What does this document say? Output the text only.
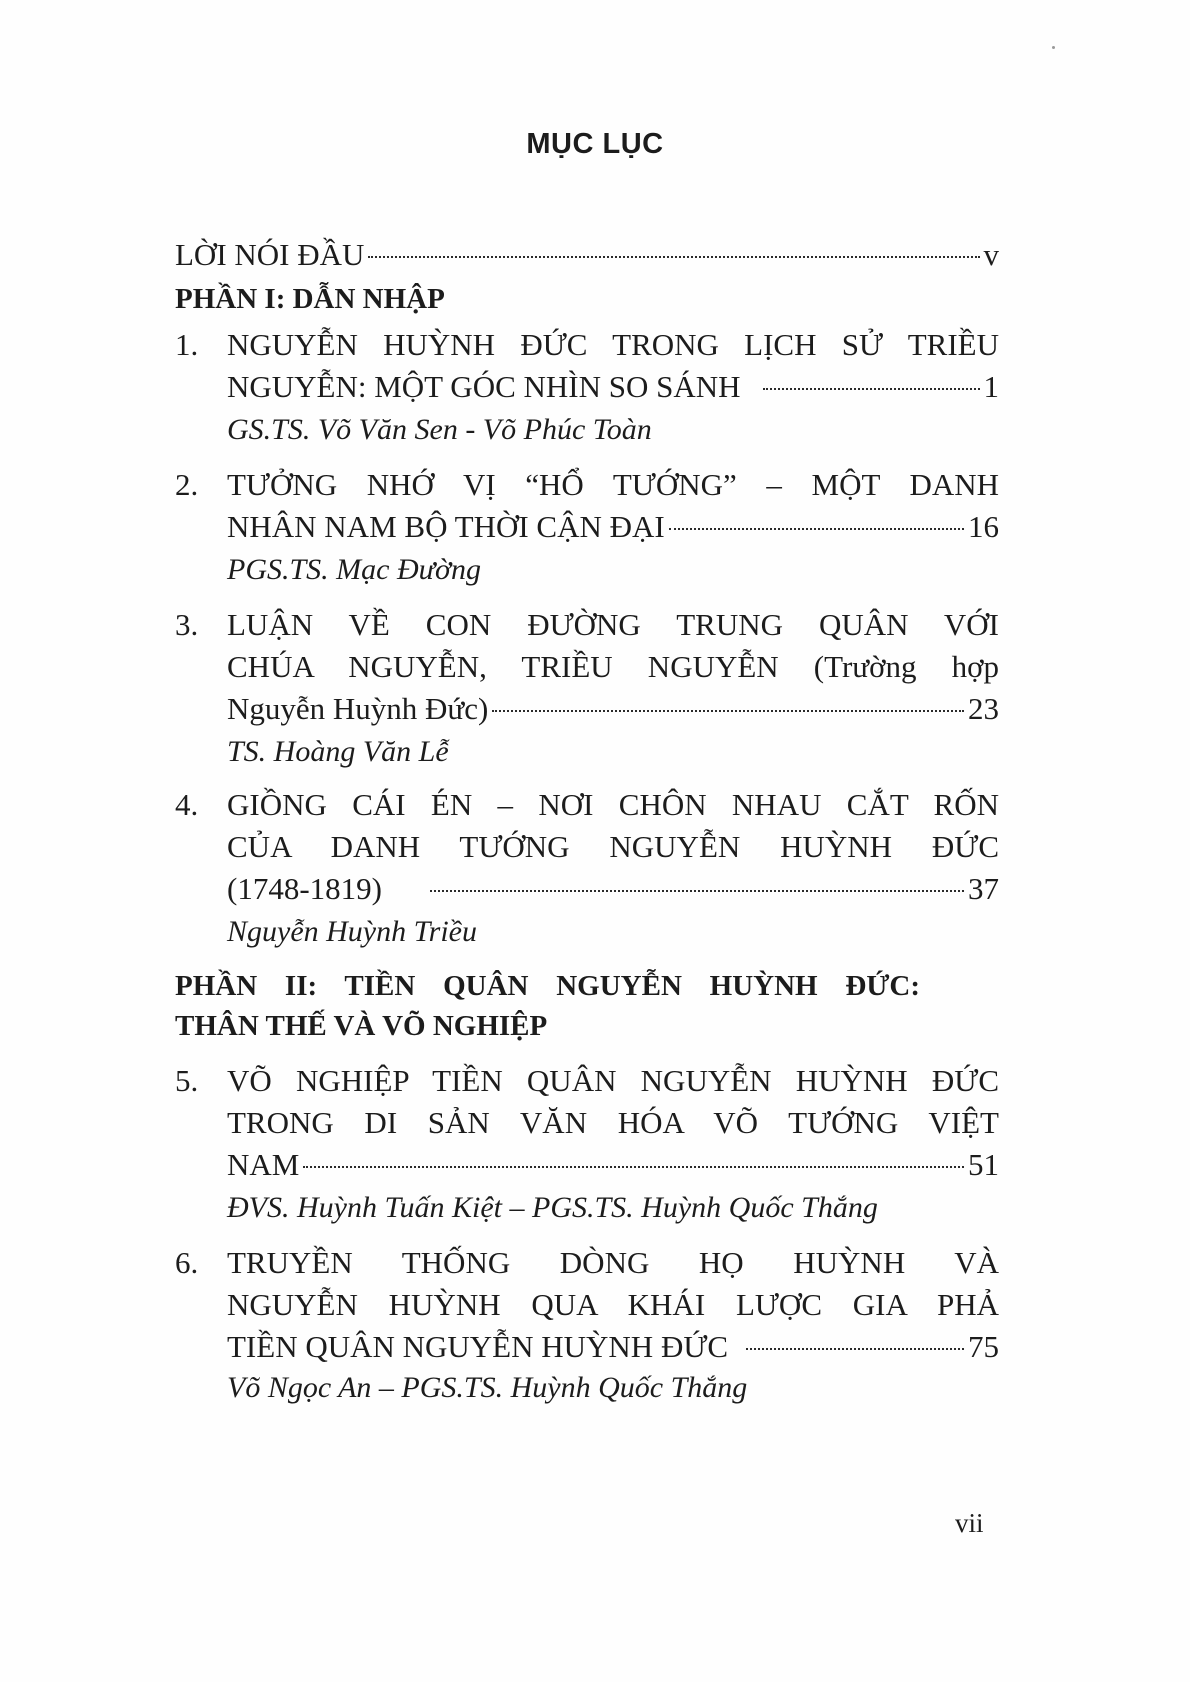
MỤC LỤC
LỜI NÓI ĐẦU	v
PHẦN I: DẪN NHẬP
1. NGUYỄN HUỲNH ĐỨC TRONG LỊCH SỬ TRIỀU
NGUYỄN: MỘT GÓC NHÌN SO SÁNH	1
GS.TS. Võ Văn Sen - Võ Phúc Toàn
2. TƯỞNG NHỚ VỊ “HỔ TƯỚNG” – MỘT DANH
NHÂN NAM BỘ THỜI CẬN ĐẠI	16
PGS.TS. Mạc Đường
3. LUẬN VỀ CON ĐƯỜNG TRUNG QUÂN VỚI
CHÚA NGUYỄN, TRIỀU NGUYỄN (Trường hợp
Nguyễn Huỳnh Đức)	23
TS. Hoàng Văn Lễ
4. GIỒNG CÁI ÉN – NƠI CHÔN NHAU CẮT RỐN
CỦA DANH TƯỚNG NGUYỄN HUỲNH ĐỨC
(1748-1819)	37
Nguyễn Huỳnh Triều
PHẦN II: TIỀN QUÂN NGUYỄN HUỲNH ĐỨC:
THÂN THẾ VÀ VÕ NGHIỆP
5. VÕ NGHIỆP TIỀN QUÂN NGUYỄN HUỲNH ĐỨC
TRONG DI SẢN VĂN HÓA VÕ TƯỚNG VIỆT
NAM	51
ĐVS. Huỳnh Tuấn Kiệt – PGS.TS. Huỳnh Quốc Thắng
6. TRUYỀN THỐNG DÒNG HỌ HUỲNH VÀ
NGUYỄN HUỲNH QUA KHÁI LƯỢC GIA PHẢ
TIỀN QUÂN NGUYỄN HUỲNH ĐỨC	75
Võ Ngọc An – PGS.TS. Huỳnh Quốc Thắng
vii
